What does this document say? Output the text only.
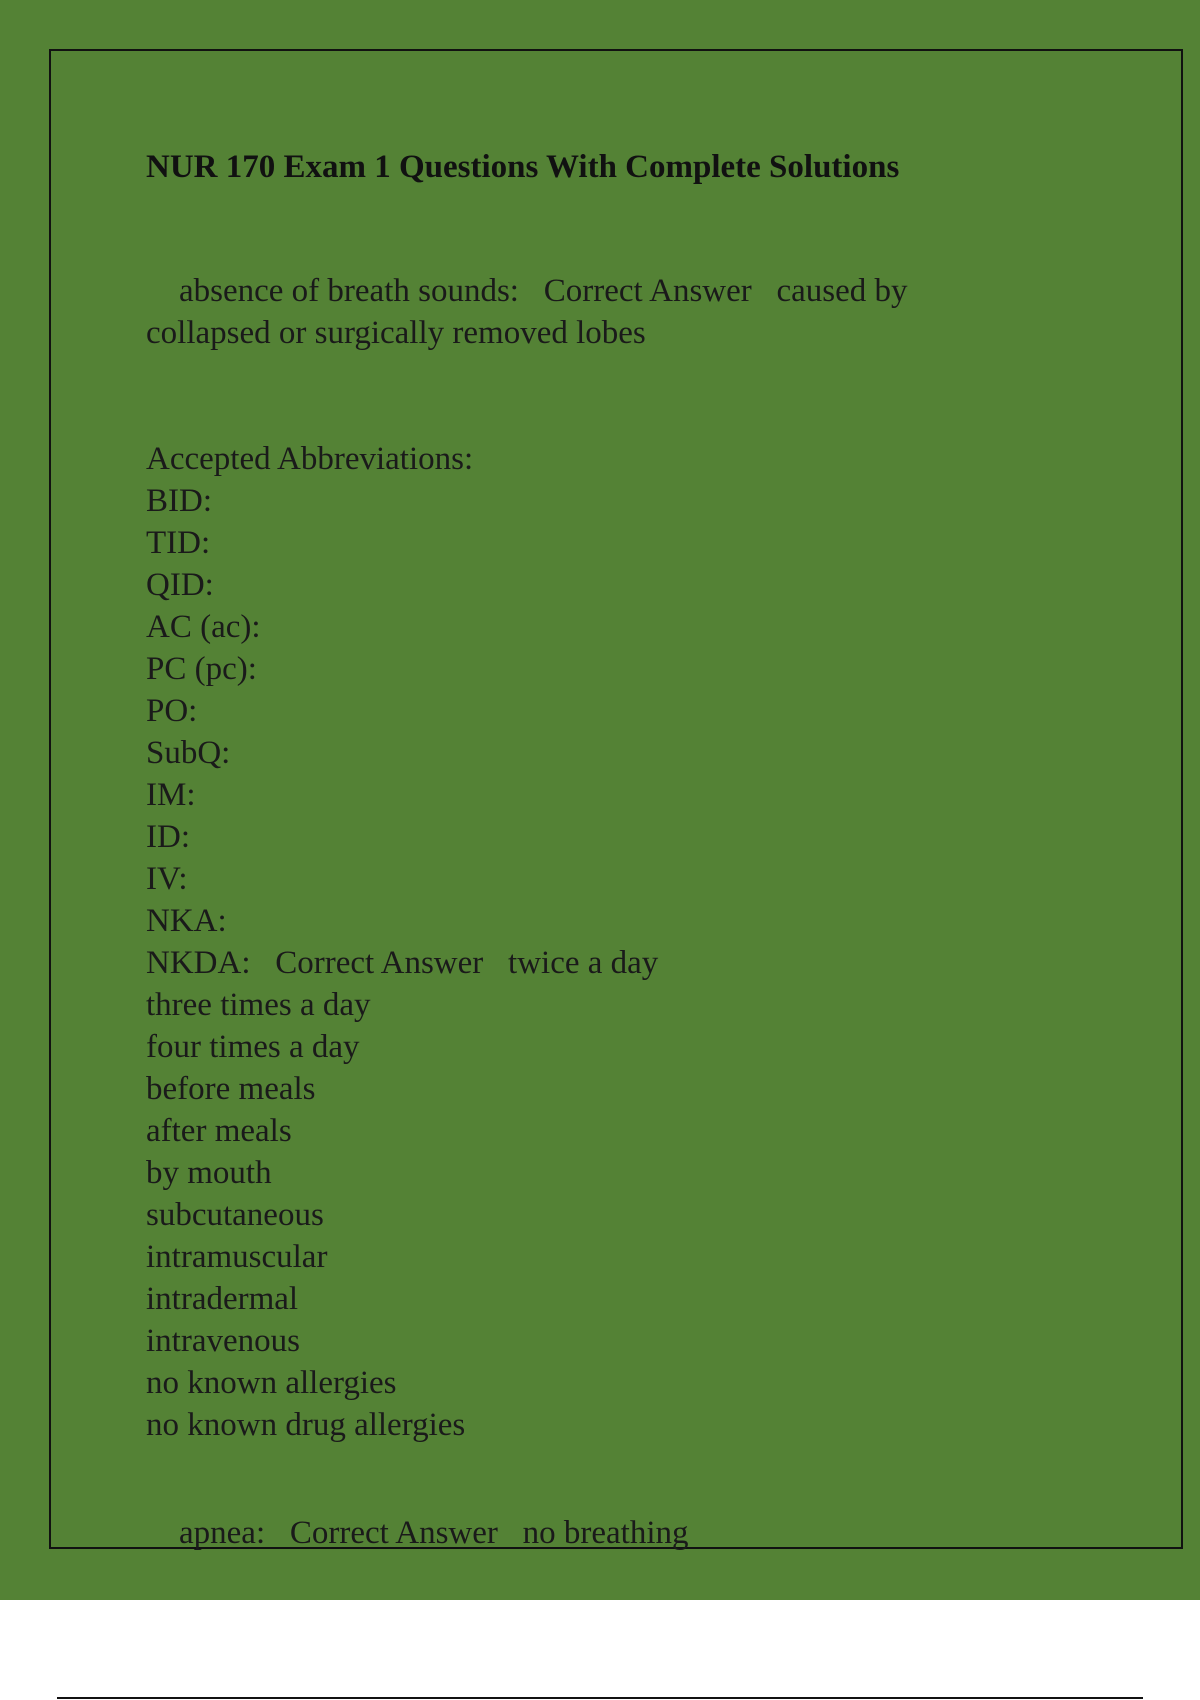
NUR 170 Exam 1 Questions With Complete Solutions

absence of breath sounds: Correct Answer caused by
collapsed or surgically removed lobes

Accepted Abbreviations:
BID:
TID:
QID:
AC (ac):
PC (pc):
PO:
SubQ:
IM:
ID:
IV:
NKA:
NKDA: Correct Answer twice a day
three times a day
four times a day
before meals
after meals
by mouth
subcutaneous
intramuscular
intradermal
intravenous
no known allergies
no known drug allergies

apnea: Correct Answer no breathing
